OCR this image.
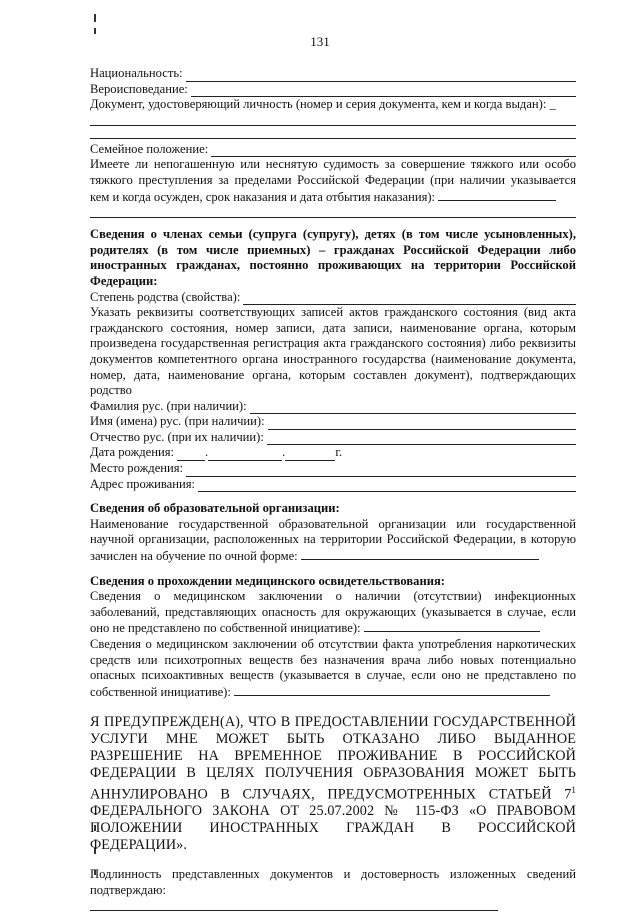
131
Национальность:
Вероисповедание:
Документ, удостоверяющий личность (номер и серия документа, кем и когда выдан): _
Семейное положение:
Имеете ли непогашенную или неснятую судимость за совершение тяжкого или особо тяжкого преступления за пределами Российской Федерации (при наличии указывается кем и когда осужден, срок наказания и дата отбытия наказания):
Сведения о членах семьи (супруга (супругу), детях (в том числе усыновленных), родителях (в том числе приемных) – гражданах Российской Федерации либо иностранных гражданах, постоянно проживающих на территории Российской Федерации:
Степень родства (свойства):
Указать реквизиты соответствующих записей актов гражданского состояния (вид акта гражданского состояния, номер записи, дата записи, наименование органа, которым произведена государственная регистрация акта гражданского состояния) либо реквизиты документов компетентного органа иностранного государства (наименование документа, номер, дата, наименование органа, которым составлен документ), подтверждающих родство
Фамилия рус. (при наличии):
Имя (имена) рус. (при наличии):
Отчество рус. (при их наличии):
Дата рождения: .	.	г.
Место рождения:
Адрес проживания:
Сведения об образовательной организации:
Наименование государственной образовательной организации или государственной научной организации, расположенных на территории Российской Федерации, в которую зачислен на обучение по очной форме:
Сведения о прохождении медицинского освидетельствования:
Сведения о медицинском заключении о наличии (отсутствии) инфекционных заболеваний, представляющих опасность для окружающих (указывается в случае, если оно не представлено по собственной инициативе):
Сведения о медицинском заключении об отсутствии факта употребления наркотических средств или психотропных веществ без назначения врача либо новых потенциально опасных психоактивных веществ (указывается в случае, если оно не представлено по собственной инициативе):
Я ПРЕДУПРЕЖДЕН(А), ЧТО В ПРЕДОСТАВЛЕНИИ ГОСУДАРСТВЕННОЙ УСЛУГИ МНЕ МОЖЕТ БЫТЬ ОТКАЗАНО ЛИБО ВЫДАННОЕ РАЗРЕШЕНИЕ НА ВРЕМЕННОЕ ПРОЖИВАНИЕ В РОССИЙСКОЙ ФЕДЕРАЦИИ В ЦЕЛЯХ ПОЛУЧЕНИЯ ОБРАЗОВАНИЯ МОЖЕТ БЫТЬ АННУЛИРОВАНО В СЛУЧАЯХ, ПРЕДУСМОТРЕННЫХ СТАТЬЕЙ $7^1$ ФЕДЕРАЛЬНОГО ЗАКОНА ОТ 25.07.2002 № 115-ФЗ «О ПРАВОВОМ ПОЛОЖЕНИИ ИНОСТРАННЫХ ГРАЖДАН В РОССИЙСКОЙ ФЕДЕРАЦИИ».
Подлинность представленных документов и достоверность изложенных сведений подтверждаю:
